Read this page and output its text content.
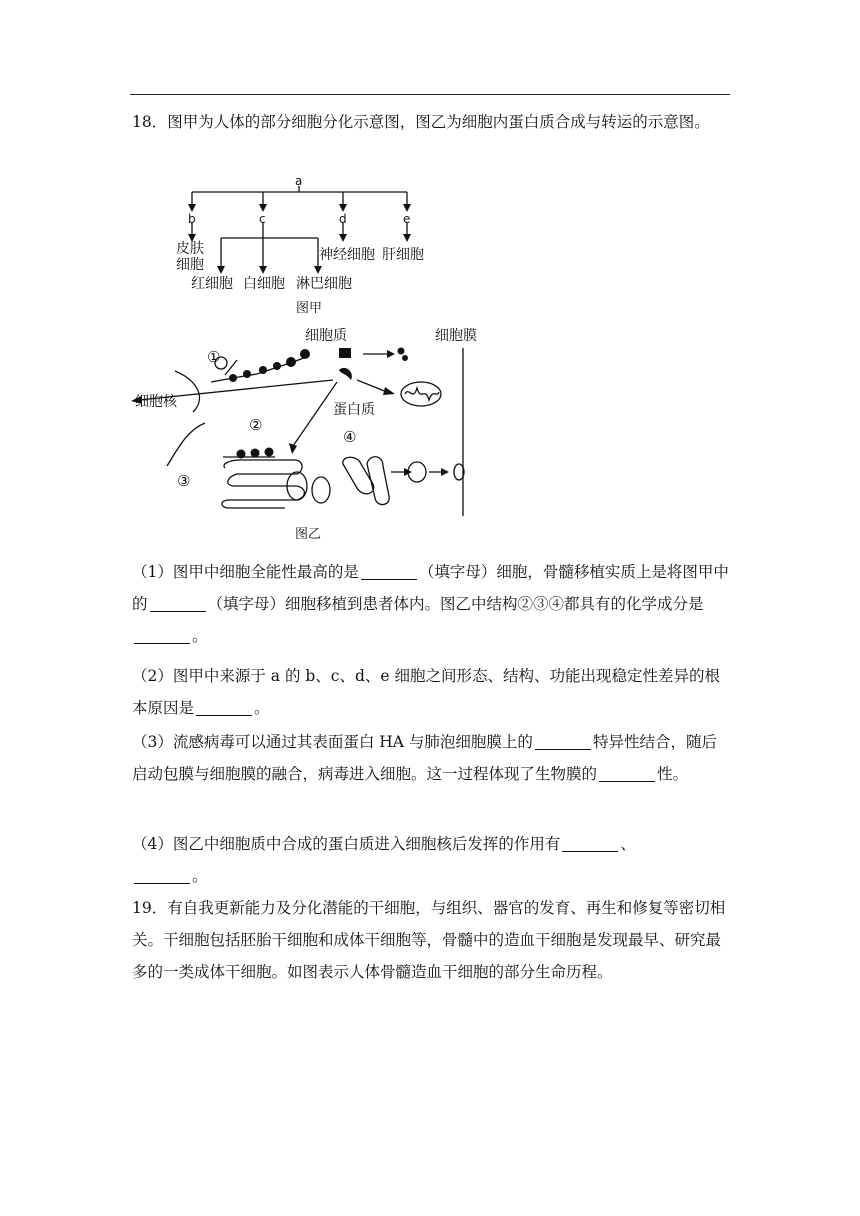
18．图甲为人体的部分细胞分化示意图，图乙为细胞内蛋白质合成与转运的示意图。
a
b	c	d	e
皮肤
细胞
神经细胞 肝细胞
红细胞 白细胞 淋巴细胞
图甲
细胞质	细胞膜
细胞核	蛋白质
①
②
③
④
图乙
（1）图甲中细胞全能性最高的是	（填字母）细胞，骨髓移植实质上是将图甲中的	（填字母）细胞移植到患者体内。图乙中结构②③④都具有的化学成分是。
（2）图甲中来源于 a 的 b、c、d、e 细胞之间形态、结构、功能出现稳定性差异的根本原因是	。
（3）流感病毒可以通过其表面蛋白 HA 与肺泡细胞膜上的	特异性结合，随后启动包膜与细胞膜的融合，病毒进入细胞。这一过程体现了生物膜的	性。
（4）图乙中细胞质中合成的蛋白质进入细胞核后发挥的作用有	、
。
19．有自我更新能力及分化潜能的干细胞，与组织、器官的发育、再生和修复等密切相关。干细胞包括胚胎干细胞和成体干细胞等，骨髓中的造血干细胞是发现最早、研究最多的一类成体干细胞。如图表示人体骨髓造血干细胞的部分生命历程。
